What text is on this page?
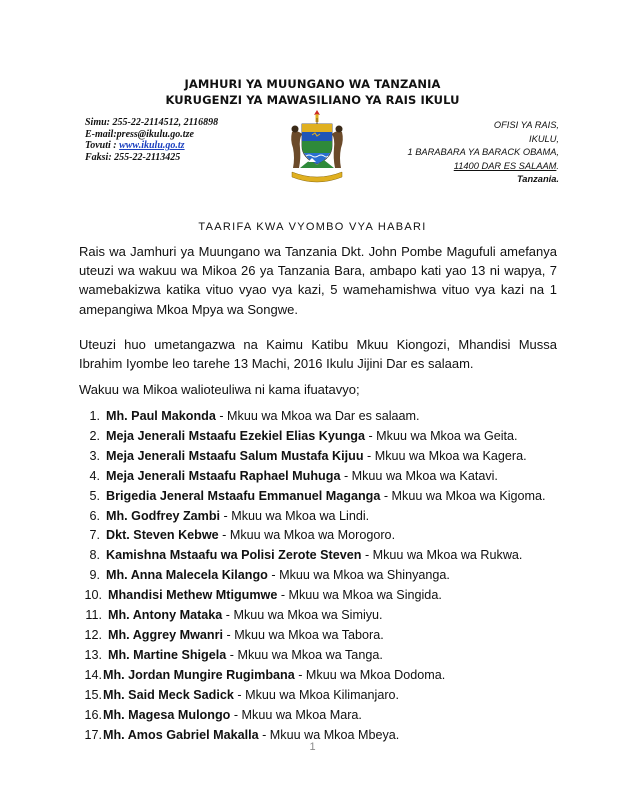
JAMHURI YA MUUNGANO WA TANZANIA
KURUGENZI YA MAWASILIANO YA RAIS IKULU
Simu: 255-22-2114512, 2116898
E-mail:press@ikulu.go.tze
Tovuti : www.ikulu.go.tz
Faksi: 255-22-2113425
OFISI YA RAIS,
IKULU,
1 BARABARA YA BARACK OBAMA,
11400 DAR ES SALAAM.
Tanzania.
TAARIFA KWA VYOMBO VYA HABARI

Rais wa Jamhuri ya Muungano wa Tanzania Dkt. John Pombe Magufuli amefanya uteuzi wa wakuu wa Mikoa 26 ya Tanzania Bara, ambapo kati yao 13 ni wapya, 7 wamebakizwa katika vituo vyao vya kazi, 5 wamehamishwa vituo vya kazi na 1 amepangiwa Mkoa Mpya wa Songwe.

Uteuzi huo umetangazwa na Kaimu Katibu Mkuu Kiongozi, Mhandisi Mussa Ibrahim Iyombe leo tarehe 13 Machi, 2016 Ikulu Jijini Dar es salaam.

Wakuu wa Mikoa walioteuliwa ni kama ifuatavyo;

1. Mh. Paul Makonda - Mkuu wa Mkoa wa Dar es salaam.
2. Meja Jenerali Mstaafu Ezekiel Elias Kyunga - Mkuu wa Mkoa wa Geita.
3. Meja Jenerali Mstaafu Salum Mustafa Kijuu - Mkuu wa Mkoa wa Kagera.
4. Meja Jenerali Mstaafu Raphael Muhuga - Mkuu wa Mkoa wa Katavi.
5. Brigedia Jeneral Mstaafu Emmanuel Maganga - Mkuu wa Mkoa wa Kigoma.
6. Mh. Godfrey Zambi - Mkuu wa Mkoa wa Lindi.
7. Dkt. Steven Kebwe - Mkuu wa Mkoa wa Morogoro.
8. Kamishna Mstaafu wa Polisi Zerote Steven - Mkuu wa Mkoa wa Rukwa.
9. Mh. Anna Malecela Kilango - Mkuu wa Mkoa wa Shinyanga.
10. Mhandisi Methew Mtigumwe - Mkuu wa Mkoa wa Singida.
11. Mh. Antony Mataka - Mkuu wa Mkoa wa Simiyu.
12. Mh. Aggrey Mwanri - Mkuu wa Mkoa wa Tabora.
13. Mh. Martine Shigela - Mkuu wa Mkoa wa Tanga.
14.Mh. Jordan Mungire Rugimbana - Mkuu wa Mkoa Dodoma.
15.Mh. Said Meck Sadick - Mkuu wa Mkoa Kilimanjaro.
16.Mh. Magesa Mulongo - Mkuu wa Mkoa Mara.
17.Mh. Amos Gabriel Makalla - Mkuu wa Mkoa Mbeya.
1
